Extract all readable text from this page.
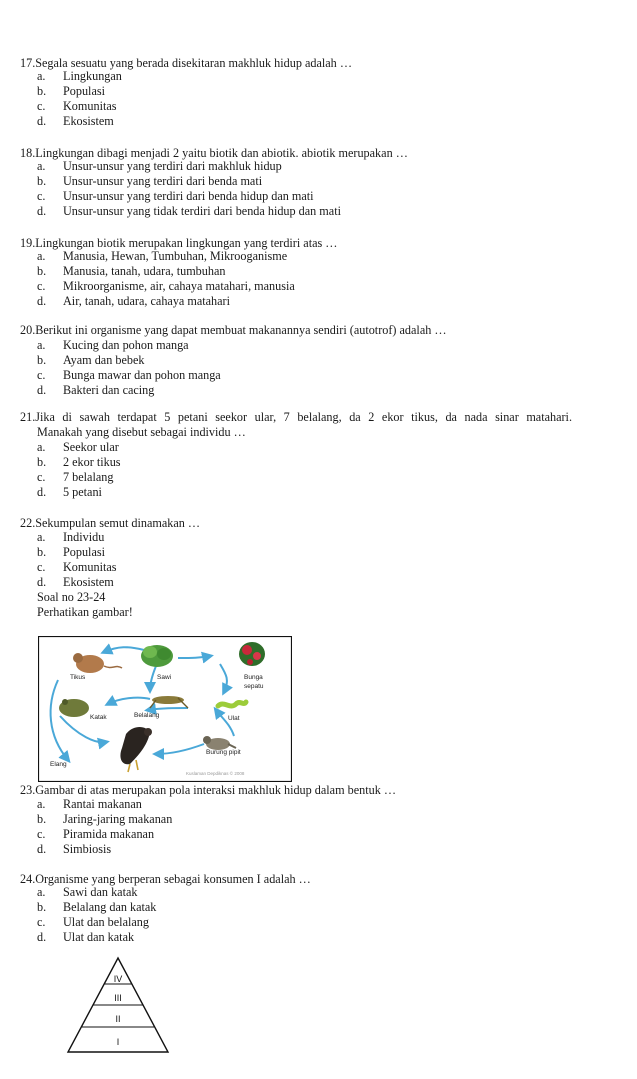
17.Segala sesuatu yang berada disekitaran makhluk hidup adalah …
a. Lingkungan
b. Populasi
c. Komunitas
d. Ekosistem
18.Lingkungan dibagi menjadi 2 yaitu biotik dan abiotik. abiotik merupakan …
a. Unsur-unsur yang terdiri dari makhluk hidup
b. Unsur-unsur yang terdiri dari benda mati
c. Unsur-unsur yang terdiri dari benda hidup dan mati
d. Unsur-unsur yang tidak terdiri dari benda hidup dan mati
19.Lingkungan biotik merupakan lingkungan yang terdiri atas …
a. Manusia, Hewan, Tumbuhan, Mikrooganisme
b. Manusia, tanah, udara, tumbuhan
c. Mikroorganisme, air, cahaya matahari, manusia
d. Air, tanah, udara, cahaya matahari
20.Berikut ini organisme yang dapat membuat makanannya sendiri (autotrof) adalah …
a. Kucing dan pohon manga
b. Ayam dan bebek
c. Bunga mawar dan pohon manga
d. Bakteri dan cacing
21.Jika di sawah terdapat 5 petani seekor ular, 7 belalang, da 2 ekor tikus, da nada sinar matahari.
Manakah yang disebut sebagai individu …
a. Seekor ular
b. 2 ekor tikus
c. 7 belalang
d. 5 petani
22.Sekumpulan semut dinamakan …
a. Individu
b. Populasi
c. Komunitas
d. Ekosistem
Soal no 23-24
Perhatikan gambar!
Tikus	Sawi	Bunga
sepatu
Katak	Belalang	Ulat
Burung pipit
Elang
Kuslaman Depdiknas © 2008
23.Gambar di atas merupakan pola interaksi makhluk hidup dalam bentuk …
a. Rantai makanan
b. Jaring-jaring makanan
c. Piramida makanan
d. Simbiosis
24.Organisme yang berperan sebagai konsumen I adalah …
a. Sawi dan katak
b. Belalang dan katak
c. Ulat dan belalang
d. Ulat dan katak
IV
III
II
I
